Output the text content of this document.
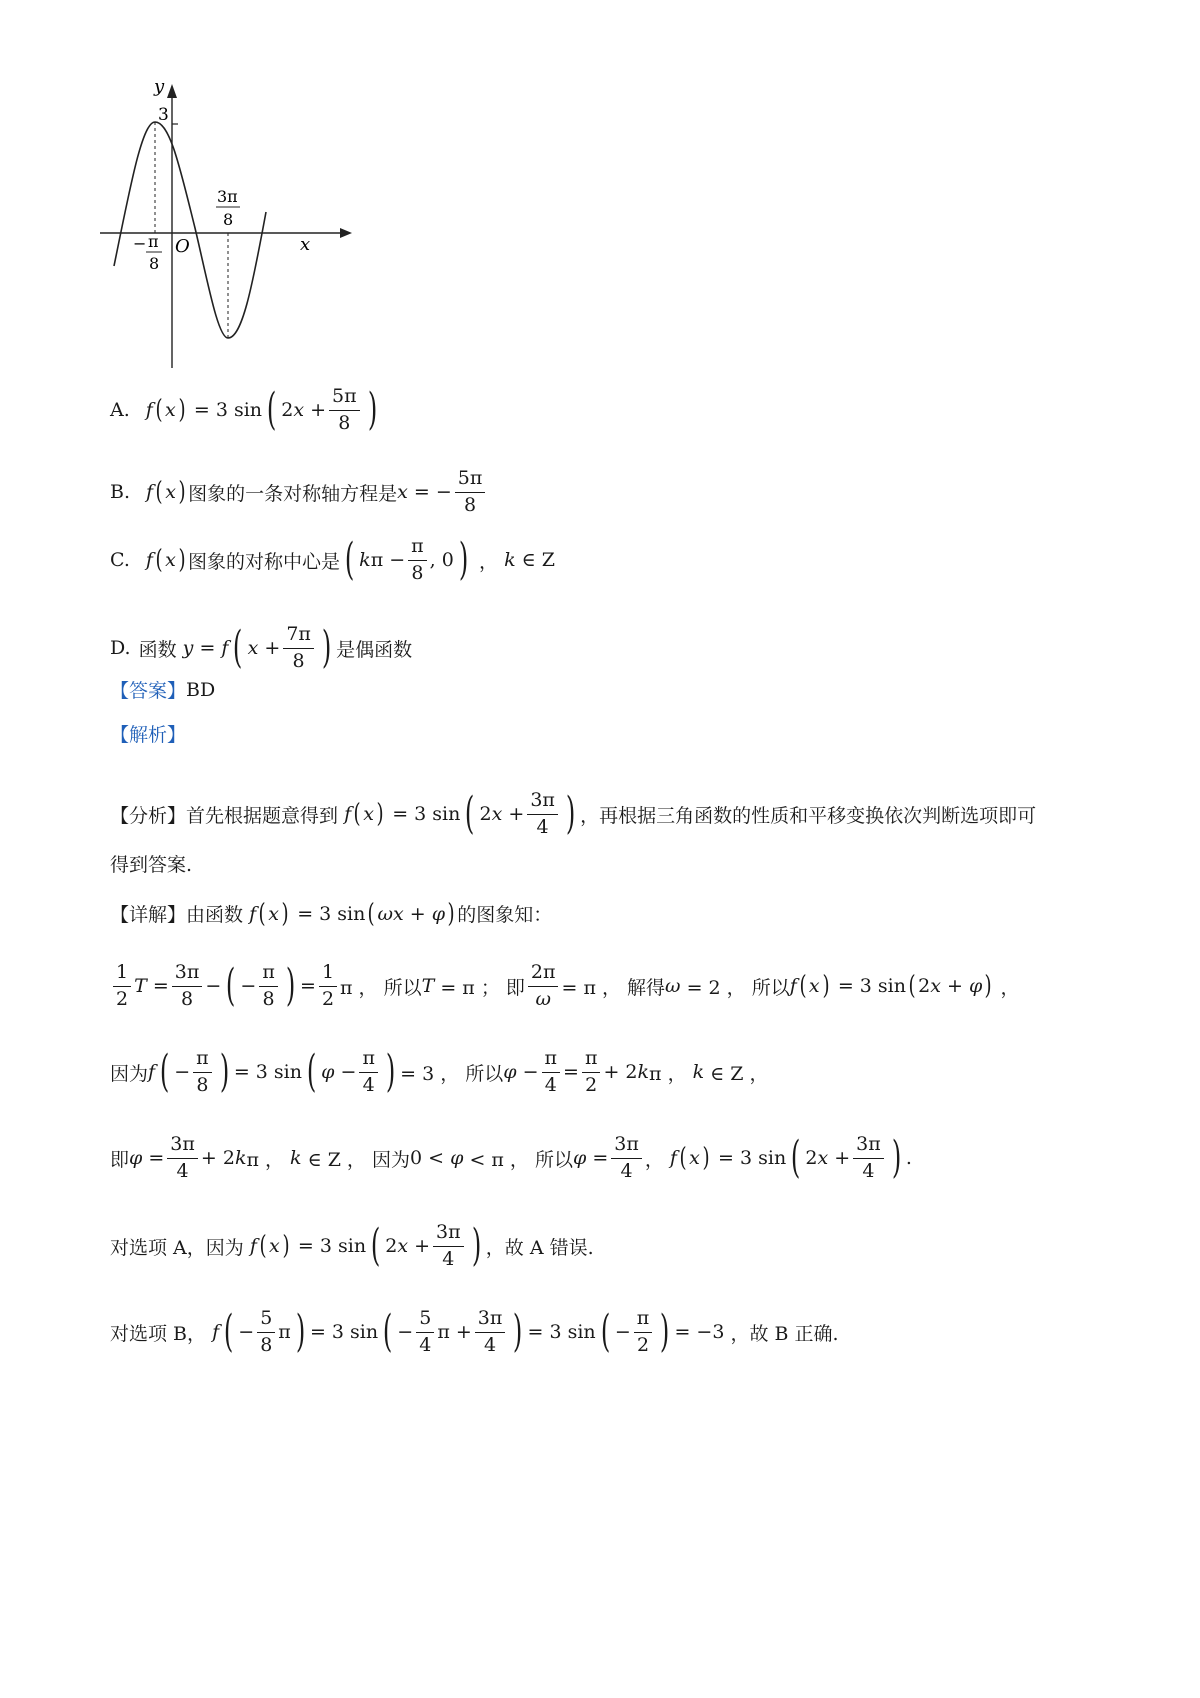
y
3
x
O
− π
8
3π
8
A. f ( x ) = 3 sin ( 2 x +
5π
8 )
B. f ( x ) 图象的一条对称轴方程是 x = −
5π
8
C. f ( x ) 图象的对称中心是 ( k π −
π
8
, 0 ) ， k ∈ Z
D. 函数
y = f ( x +
7π
8 ) 是偶函数
【答案】 BD
【解析】
【分析】 首先根据题意得到
f ( x ) = 3 sin ( 2 x +
3π
4 ) ，再根据三角函数的性质和平移变换依次判断选项即可
得到答案.
【详解】 由函数
f ( x ) = 3 sin ( ωx + φ ) 的图象知：
1
2
T =
3π
8
− ( −
π
8 ) =
1
2 π ， 所以 T = π ； 即
2π
ω = π ， 解得 ω = 2 ， 所以 f ( x ) = 3 sin ( 2 x + φ ) ，
因为 f ( −
π
8 ) = 3 sin ( φ −
π
4 ) = 3 ， 所以 φ −
π
4
=
π
2
+ 2 k π ， k ∈ Z ，
即 φ =
3π
4
+ 2 k π ， k ∈ Z ， 因为 0 < φ < π ， 所以 φ =
3π
4 ， f ( x ) = 3 sin ( 2 x +
3π
4 ) .
对选项 A，因为
f ( x ) = 3 sin ( 2 x +
3π
4 ) ，故 A 错误.
对选项 B，
f ( −
5
8
π ) = 3 sin ( −
5
4
π +
3π
4 ) = 3 sin ( −
π
2 ) = −3 ，故 B 正确.
